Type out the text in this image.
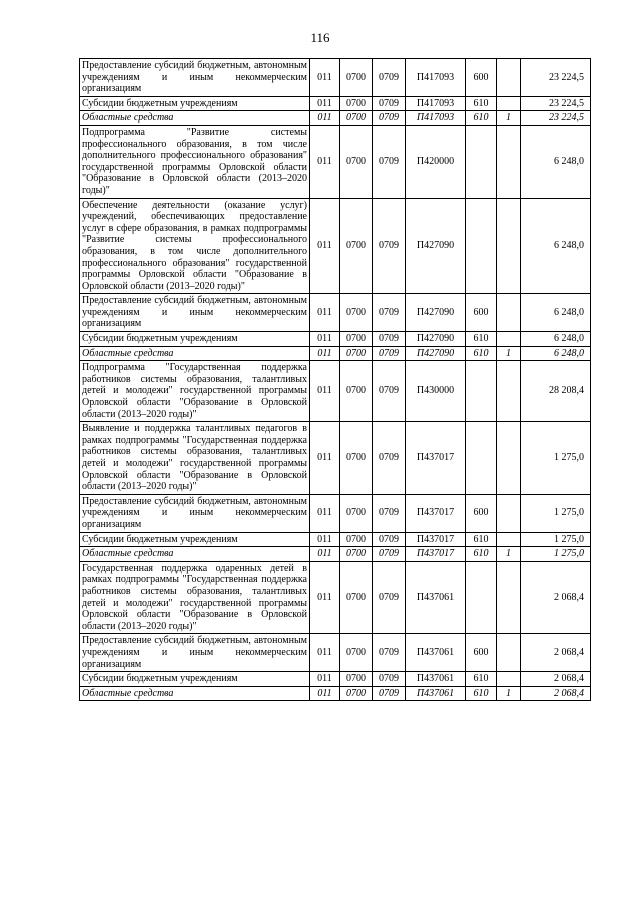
116
Предоставление субсидий бюджетным, автономным учреждениям и иным некоммерческим организациям	011	0700	0709	П417093	600		23 224,5
Субсидии бюджетным учреждениям	011	0700	0709	П417093	610		23 224,5
Областные средства	011	0700	0709	П417093	610	1	23 224,5
Подпрограмма "Развитие системы профессионального образования, в том числе дополнительного профессионального образования" государственной программы Орловской области "Образование в Орловской области (2013–2020 годы)"	011	0700	0709	П420000			6 248,0
Обеспечение деятельности (оказание услуг) учреждений, обеспечивающих предоставление услуг в сфере образования, в рамках подпрограммы "Развитие системы профессионального образования, в том числе дополнительного профессионального образования" государственной программы Орловской области "Образование в Орловской области (2013–2020 годы)"	011	0700	0709	П427090			6 248,0
Предоставление субсидий бюджетным, автономным учреждениям и иным некоммерческим организациям	011	0700	0709	П427090	600		6 248,0
Субсидии бюджетным учреждениям	011	0700	0709	П427090	610		6 248,0
Областные средства	011	0700	0709	П427090	610	1	6 248,0
Подпрограмма "Государственная поддержка работников системы образования, талантливых детей и молодежи" государственной программы Орловской области "Образование в Орловской области (2013–2020 годы)"	011	0700	0709	П430000			28 208,4
Выявление и поддержка талантливых педагогов в рамках подпрограммы "Государственная поддержка работников системы образования, талантливых детей и молодежи" государственной программы Орловской области "Образование в Орловской области (2013–2020 годы)"	011	0700	0709	П437017			1 275,0
Предоставление субсидий бюджетным, автономным учреждениям и иным некоммерческим организациям	011	0700	0709	П437017	600		1 275,0
Субсидии бюджетным учреждениям	011	0700	0709	П437017	610		1 275,0
Областные средства	011	0700	0709	П437017	610	1	1 275,0
Государственная поддержка одаренных детей в рамках подпрограммы "Государственная поддержка работников системы образования, талантливых детей и молодежи" государственной программы Орловской области "Образование в Орловской области (2013–2020 годы)"	011	0700	0709	П437061			2 068,4
Предоставление субсидий бюджетным, автономным учреждениям и иным некоммерческим организациям	011	0700	0709	П437061	600		2 068,4
Субсидии бюджетным учреждениям	011	0700	0709	П437061	610		2 068,4
Областные средства	011	0700	0709	П437061	610	1	2 068,4
